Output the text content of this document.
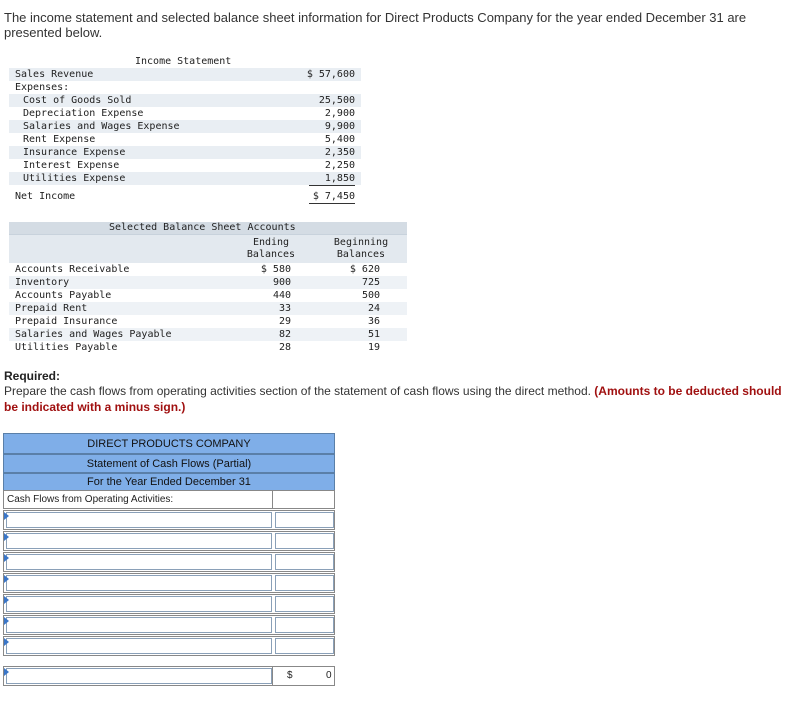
The income statement and selected balance sheet information for Direct Products Company for the year ended December 31 are presented below.
Income Statement
Sales Revenue	$ 57,600
Expenses:
Cost of Goods Sold	25,500
Depreciation Expense	2,900
Salaries and Wages Expense	9,900
Rent Expense	5,400
Insurance Expense	2,350
Interest Expense	2,250
Utilities Expense	1,850
Net Income	$ 7,450
Selected Balance Sheet Accounts
Ending
Balances
Beginning
Balances
Accounts Receivable	$ 580	$ 620
Inventory	900	725
Accounts Payable	440	500
Prepaid Rent	33	24
Prepaid Insurance	29	36
Salaries and Wages Payable	82	51
Utilities Payable	28	19
Required:
Prepare the cash flows from operating activities section of the statement of cash flows using the direct method. (Amounts to be deducted should be indicated with a minus sign.)
DIRECT PRODUCTS COMPANY
Statement of Cash Flows (Partial)
For the Year Ended December 31
Cash Flows from Operating Activities:
$	0
